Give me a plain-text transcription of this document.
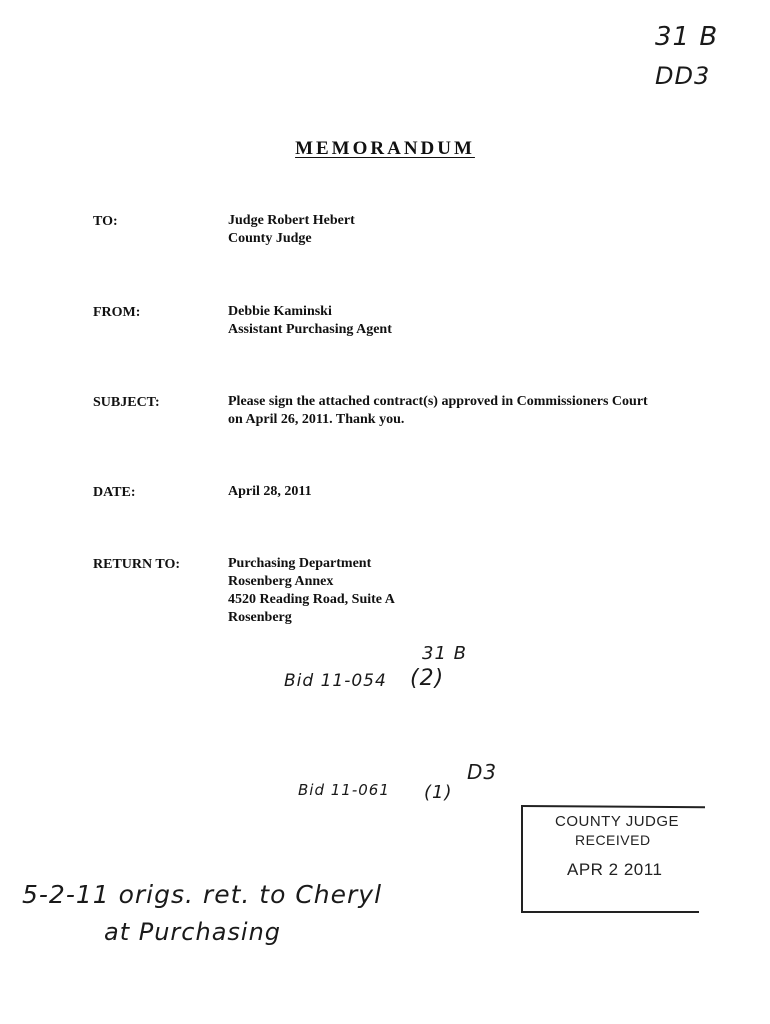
31 B
DD3
MEMORANDUM
TO:	Judge Robert Hebert
County Judge
FROM:	Debbie Kaminski
Assistant Purchasing Agent
SUBJECT:	Please sign the attached contract(s) approved in Commissioners Court
on April 26, 2011. Thank you.
DATE:	April 28, 2011
RETURN TO:	Purchasing Department
Rosenberg Annex
4520 Reading Road, Suite A
Rosenberg
31 B
Bid 11-054 (2)
D3
Bid 11-061 (1)
COUNTY JUDGE
RECEIVED
APR 2 2011
5-2-11 origs. ret. to Cheryl
at Purchasing
